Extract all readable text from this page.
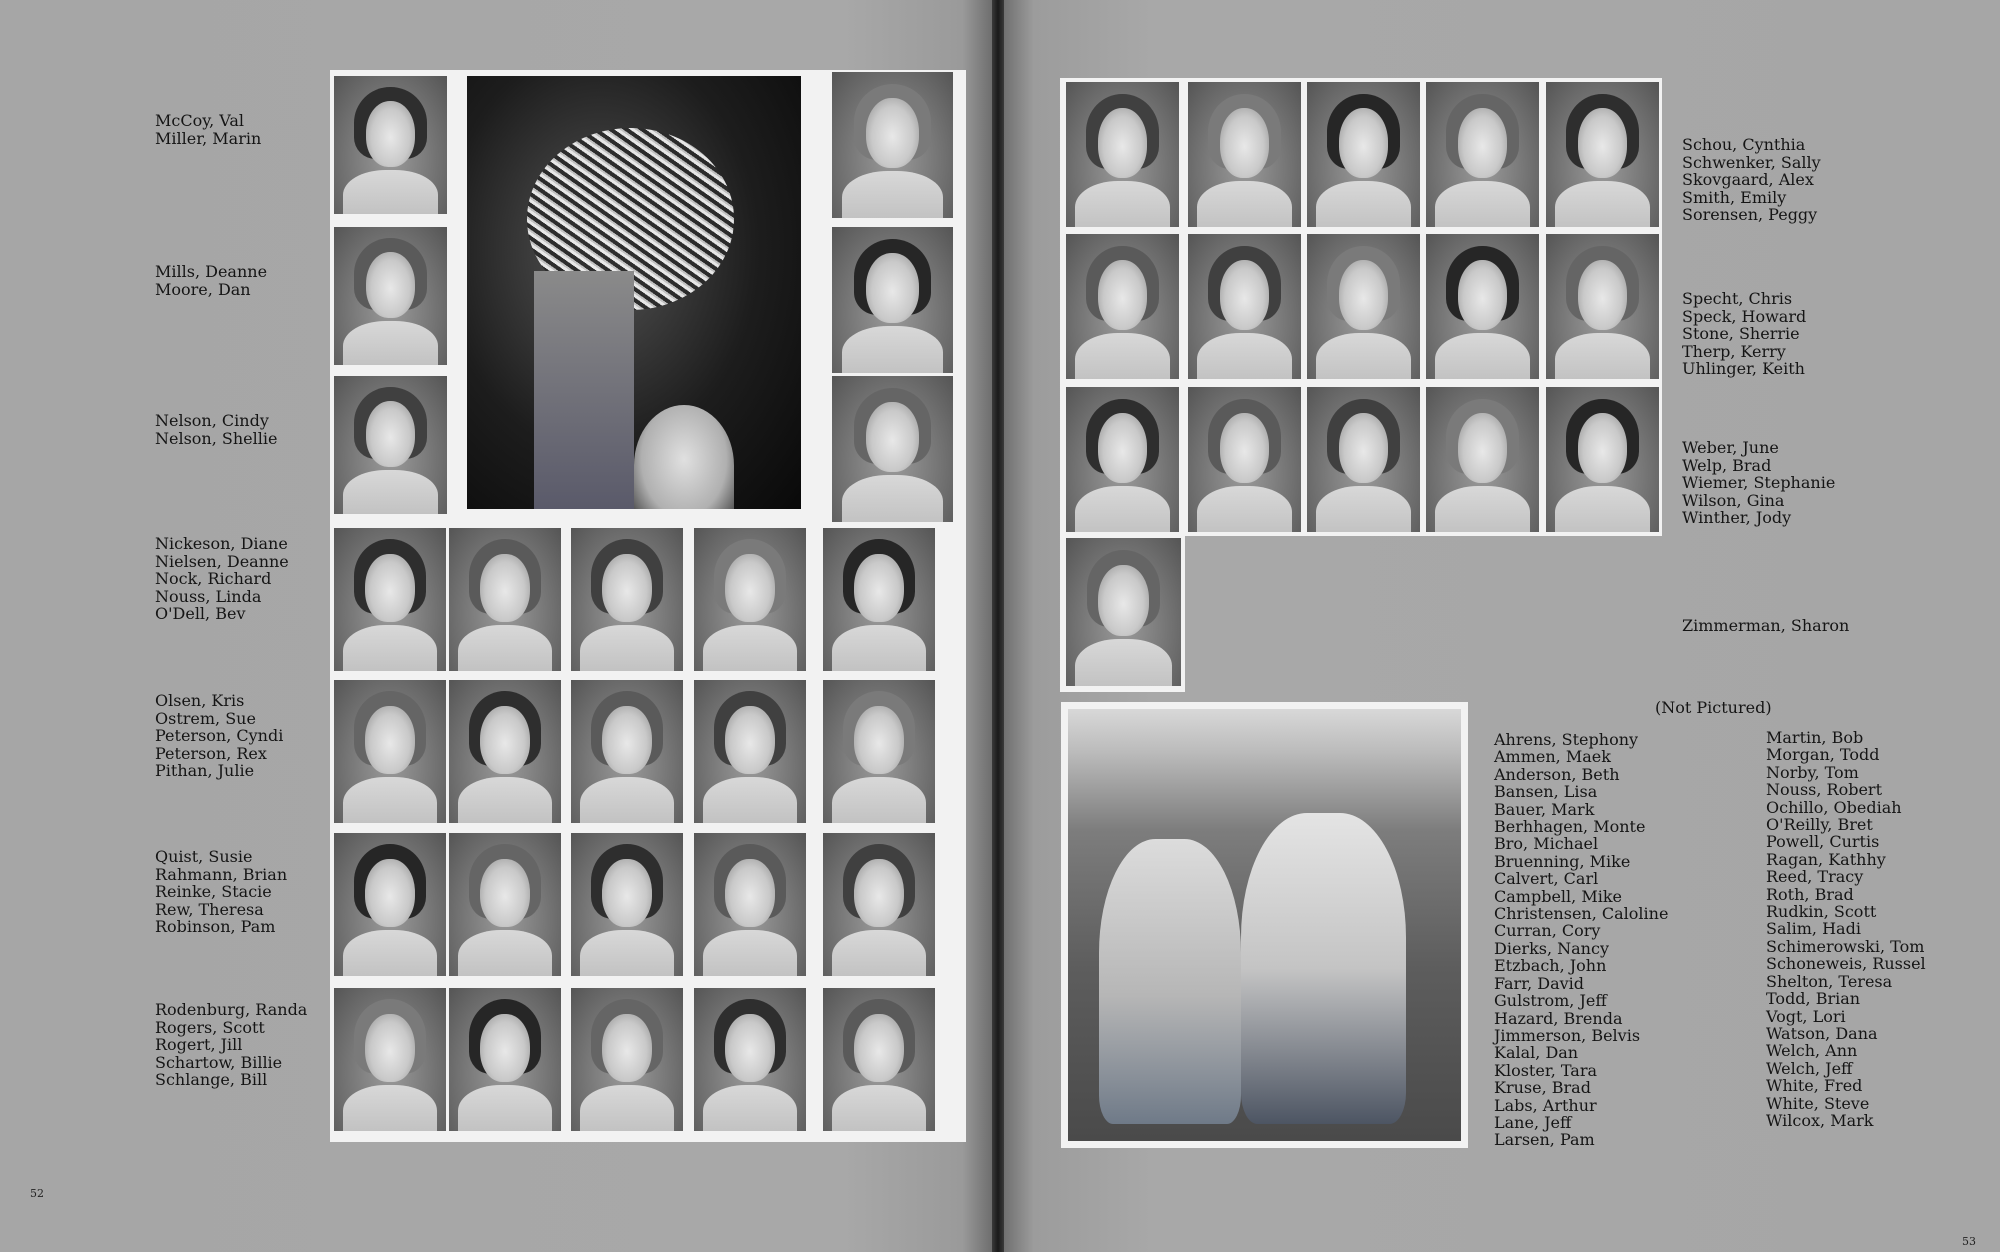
McCoy, Val
Miller, Marin
Mills, Deanne
Moore, Dan
Nelson, Cindy
Nelson, Shellie
Nickeson, Diane
Nielsen, Deanne
Nock, Richard
Nouss, Linda
O'Dell, Bev
Olsen, Kris
Ostrem, Sue
Peterson, Cyndi
Peterson, Rex
Pithan, Julie
Quist, Susie
Rahmann, Brian
Reinke, Stacie
Rew, Theresa
Robinson, Pam
Rodenburg, Randa
Rogers, Scott
Rogert, Jill
Schartow, Billie
Schlange, Bill
Schou, Cynthia
Schwenker, Sally
Skovgaard, Alex
Smith, Emily
Sorensen, Peggy
Specht, Chris
Speck, Howard
Stone, Sherrie
Therp, Kerry
Uhlinger, Keith
Weber, June
Welp, Brad
Wiemer, Stephanie
Wilson, Gina
Winther, Jody
Zimmerman, Sharon
(Not Pictured)
Ahrens, Stephony
Ammen, Maek
Anderson, Beth
Bansen, Lisa
Bauer, Mark
Berhhagen, Monte
Bro, Michael
Bruenning, Mike
Calvert, Carl
Campbell, Mike
Christensen, Caloline
Curran, Cory
Dierks, Nancy
Etzbach, John
Farr, David
Gulstrom, Jeff
Hazard, Brenda
Jimmerson, Belvis
Kalal, Dan
Kloster, Tara
Kruse, Brad
Labs, Arthur
Lane, Jeff
Larsen, Pam
Martin, Bob
Morgan, Todd
Norby, Tom
Nouss, Robert
Ochillo, Obediah
O'Reilly, Bret
Powell, Curtis
Ragan, Kathhy
Reed, Tracy
Roth, Brad
Rudkin, Scott
Salim, Hadi
Schimerowski, Tom
Schoneweis, Russel
Shelton, Teresa
Todd, Brian
Vogt, Lori
Watson, Dana
Welch, Ann
Welch, Jeff
White, Fred
White, Steve
Wilcox, Mark
52
53
